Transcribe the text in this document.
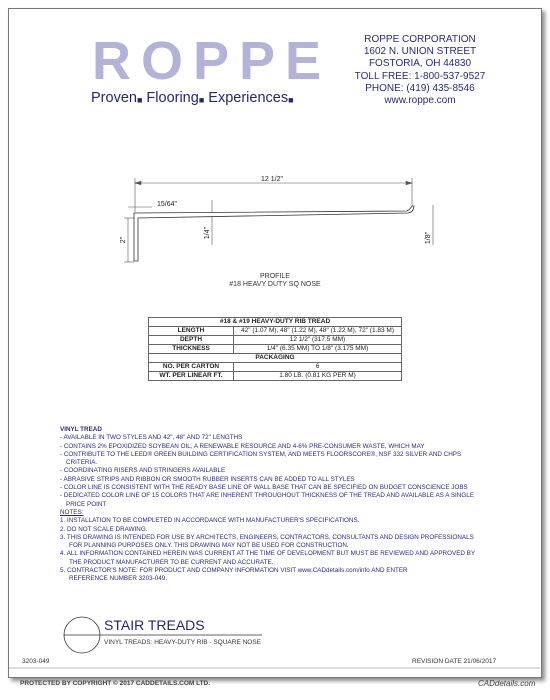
ROPPE
Proven■ Flooring■ Experiences■
ROPPE CORPORATION
1602 N. UNION STREET
FOSTORIA, OH 44830
TOLL FREE: 1-800-537-9527
PHONE: (419) 435-8546
www.roppe.com
12 1/2"
15/64"
2"
1/4"	1/8"
PROFILE
#18 HEAVY DUTY SQ NOSE
#18 & #19 HEAVY-DUTY RIB TREAD	
LENGTH	42" (1.07 M), 48" (1.22 M), 48" (1.22 M), 72" (1.83 M)
DEPTH	12 1/2" (317.5 MM)
THICKNESS	1/4" (6.35 MM) TO 1/8" (3.175 MM)
PACKAGING	
NO. PER CARTON	6
WT. PER LINEAR FT.	1.80 LB. (0.81 KG PER M)
VINYL TREAD
- AVAILABLE IN TWO STYLES AND 42", 48" AND 72" LENGTHS
- CONTAINS 2% EPOXIDIZED SOYBEAN OIL, A RENEWABLE RESOURCE AND 4-6% PRE-CONSUMER WASTE, WHICH MAY
- CONTRIBUTE TO THE LEED® GREEN BUILDING CERTIFICATION SYSTEM, AND MEETS FLOORSCORE®, NSF 332 SILVER AND CHPS
CRITERIA.
- COORDINATING RISERS AND STRINGERS AVAILABLE
- ABRASIVE STRIPS AND RIBBON OR SMOOTH RUBBER INSERTS CAN BE ADDED TO ALL STYLES
- COLOR LINE IS CONSISTENT WITH THE READY BASE LINE OF WALL BASE THAT CAN BE SPECIFIED ON BUDGET CONSCIENCE JOBS
- DEDICATED COLOR LINE OF 15 COLORS THAT ARE INHERENT THROUGHOUT THICKNESS OF THE TREAD AND AVAILABLE AS A SINGLE
PRICE POINT
NOTES:
1. INSTALLATION TO BE COMPLETED IN ACCORDANCE WITH MANUFACTURER'S SPECIFICATIONS.
2. DO NOT SCALE DRAWING.
3. THIS DRAWING IS INTENDED FOR USE BY ARCHITECTS, ENGINEERS, CONTRACTORS, CONSULTANTS AND DESIGN PROFESSIONALS
FOR PLANNING PURPOSES ONLY. THIS DRAWING MAY NOT BE USED FOR CONSTRUCTION.
4. ALL INFORMATION CONTAINED HEREIN WAS CURRENT AT THE TIME OF DEVELOPMENT BUT MUST BE REVIEWED AND APPROVED BY
THE PRODUCT MANUFACTURER TO BE CURRENT AND ACCURATE.
5. CONTRACTOR'S NOTE: FOR PRODUCT AND COMPANY INFORMATION VISIT www.CADdetails.com/info AND ENTER
REFERENCE NUMBER 3203-049.
STAIR TREADS
VINYL TREADS: HEAVY-DUTY RIB - SQUARE NOSE
3203-049	REVISION DATE 21/06/2017
PROTECTED BY COPYRIGHT © 2017 CADDETAILS.COM LTD.	CADdetails.com
